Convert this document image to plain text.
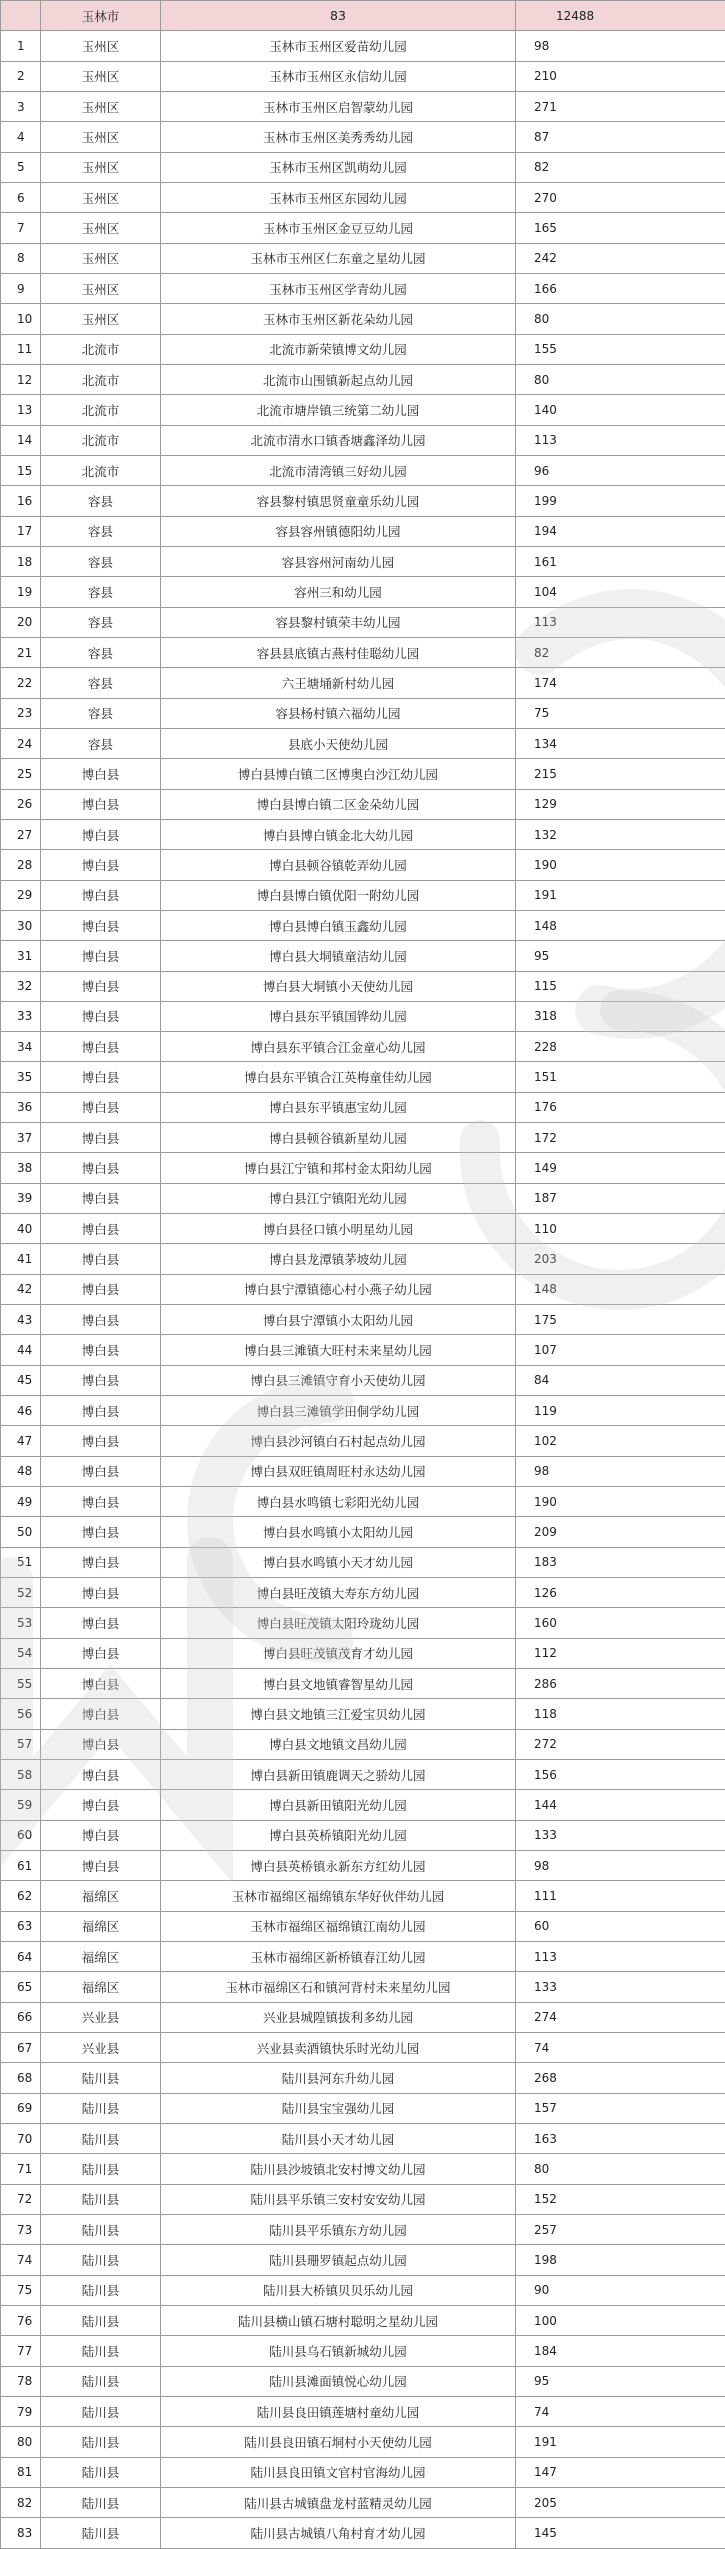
	玉林市	83	12488
1	玉州区	玉林市玉州区爱苗幼儿园	98
2	玉州区	玉林市玉州区永信幼儿园	210
3	玉州区	玉林市玉州区启智蒙幼儿园	271
4	玉州区	玉林市玉州区美秀秀幼儿园	87
5	玉州区	玉林市玉州区凯萌幼儿园	82
6	玉州区	玉林市玉州区东园幼儿园	270
7	玉州区	玉林市玉州区金豆豆幼儿园	165
8	玉州区	玉林市玉州区仁东童之星幼儿园	242
9	玉州区	玉林市玉州区学青幼儿园	166
10	玉州区	玉林市玉州区新花朵幼儿园	80
11	北流市	北流市新荣镇博文幼儿园	155
12	北流市	北流市山围镇新起点幼儿园	80
13	北流市	北流市塘岸镇三统第二幼儿园	140
14	北流市	北流市清水口镇香塘鑫泽幼儿园	113
15	北流市	北流市清湾镇三好幼儿园	96
16	容县	容县黎村镇思贤童童乐幼儿园	199
17	容县	容县容州镇德阳幼儿园	194
18	容县	容县容州河南幼儿园	161
19	容县	容州三和幼儿园	104
20	容县	容县黎村镇荣丰幼儿园	113
21	容县	容县县底镇古燕村佳聪幼儿园	82
22	容县	六王塘埇新村幼儿园	174
23	容县	容县杨村镇六福幼儿园	75
24	容县	县底小天使幼儿园	134
25	博白县	博白县博白镇二区博奥白沙江幼儿园	215
26	博白县	博白县博白镇二区金朵幼儿园	129
27	博白县	博白县博白镇金北大幼儿园	132
28	博白县	博白县顿谷镇乾弄幼儿园	190
29	博白县	博白县博白镇优阳一附幼儿园	191
30	博白县	博白县博白镇玉鑫幼儿园	148
31	博白县	博白县大垌镇童洁幼儿园	95
32	博白县	博白县大垌镇小天使幼儿园	115
33	博白县	博白县东平镇国铧幼儿园	318
34	博白县	博白县东平镇合江金童心幼儿园	228
35	博白县	博白县东平镇合江英梅童佳幼儿园	151
36	博白县	博白县东平镇惠宝幼儿园	176
37	博白县	博白县顿谷镇新星幼儿园	172
38	博白县	博白县江宁镇和邦村金太阳幼儿园	149
39	博白县	博白县江宁镇阳光幼儿园	187
40	博白县	博白县径口镇小明星幼儿园	110
41	博白县	博白县龙潭镇茅坡幼儿园	203
42	博白县	博白县宁潭镇德心村小燕子幼儿园	148
43	博白县	博白县宁潭镇小太阳幼儿园	175
44	博白县	博白县三滩镇大旺村未来星幼儿园	107
45	博白县	博白县三滩镇守育小天使幼儿园	84
46	博白县	博白县三滩镇学田侗学幼儿园	119
47	博白县	博白县沙河镇白石村起点幼儿园	102
48	博白县	博白县双旺镇周旺村永达幼儿园	98
49	博白县	博白县水鸣镇七彩阳光幼儿园	190
50	博白县	博白县水鸣镇小太阳幼儿园	209
51	博白县	博白县水鸣镇小天才幼儿园	183
52	博白县	博白县旺茂镇大寿东方幼儿园	126
53	博白县	博白县旺茂镇太阳玲珑幼儿园	160
54	博白县	博白县旺茂镇茂育才幼儿园	112
55	博白县	博白县文地镇睿智星幼儿园	286
56	博白县	博白县文地镇三江爱宝贝幼儿园	118
57	博白县	博白县文地镇文昌幼儿园	272
58	博白县	博白县新田镇鹿调天之骄幼儿园	156
59	博白县	博白县新田镇阳光幼儿园	144
60	博白县	博白县英桥镇阳光幼儿园	133
61	博白县	博白县英桥镇永新东方红幼儿园	98
62	福绵区	玉林市福绵区福绵镇东华好伙伴幼儿园	111
63	福绵区	玉林市福绵区福绵镇江南幼儿园	60
64	福绵区	玉林市福绵区新桥镇春江幼儿园	113
65	福绵区	玉林市福绵区石和镇河背村未来星幼儿园	133
66	兴业县	兴业县城隍镇拔利多幼儿园	274
67	兴业县	兴业县卖酒镇快乐时光幼儿园	74
68	陆川县	陆川县河东升幼儿园	268
69	陆川县	陆川县宝宝强幼儿园	157
70	陆川县	陆川县小天才幼儿园	163
71	陆川县	陆川县沙坡镇北安村博文幼儿园	80
72	陆川县	陆川县平乐镇三安村安安幼儿园	152
73	陆川县	陆川县平乐镇东方幼儿园	257
74	陆川县	陆川县珊罗镇起点幼儿园	198
75	陆川县	陆川县大桥镇贝贝乐幼儿园	90
76	陆川县	陆川县横山镇石塘村聪明之星幼儿园	100
77	陆川县	陆川县乌石镇新城幼儿园	184
78	陆川县	陆川县滩面镇悦心幼儿园	95
79	陆川县	陆川县良田镇莲塘村童幼儿园	74
80	陆川县	陆川县良田镇石垌村小天使幼儿园	191
81	陆川县	陆川县良田镇文官村官海幼儿园	147
82	陆川县	陆川县古城镇盘龙村蓝精灵幼儿园	205
83	陆川县	陆川县古城镇八角村育才幼儿园	145
